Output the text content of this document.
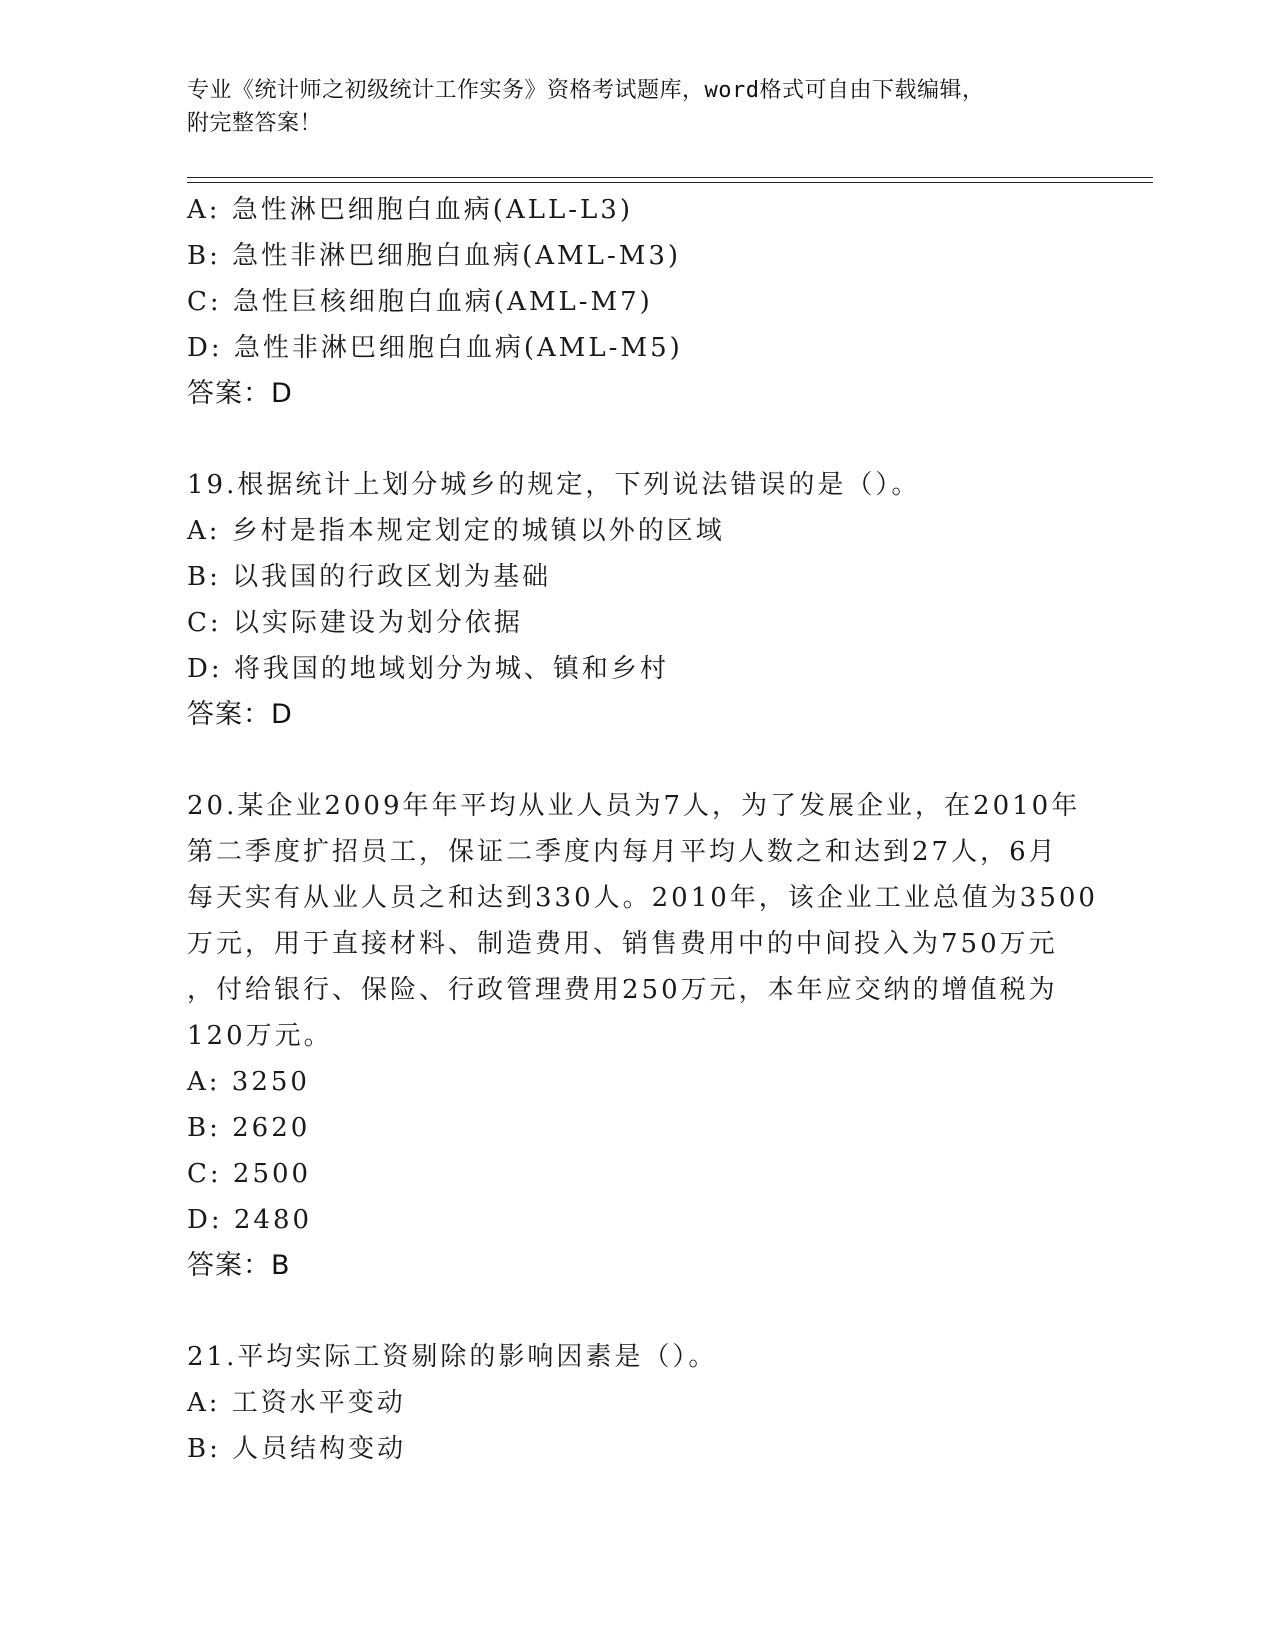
专业《统计师之初级统计工作实务》资格考试题库，word格式可自由下载编辑，
附完整答案！
A: 急性淋巴细胞白血病(ALL-L3)
B: 急性非淋巴细胞白血病(AML-M3)
C: 急性巨核细胞白血病(AML-M7)
D: 急性非淋巴细胞白血病(AML-M5)
答案：D
19.根据统计上划分城乡的规定，下列说法错误的是（）。
A: 乡村是指本规定划定的城镇以外的区域
B: 以我国的行政区划为基础
C: 以实际建设为划分依据
D: 将我国的地域划分为城、镇和乡村
答案：D
20.某企业2009年年平均从业人员为7人，为了发展企业，在2010年
第二季度扩招员工，保证二季度内每月平均人数之和达到27人，6月
每天实有从业人员之和达到330人。2010年，该企业工业总值为3500
万元，用于直接材料、制造费用、销售费用中的中间投入为750万元
，付给银行、保险、行政管理费用250万元，本年应交纳的增值税为
120万元。
A: 3250
B: 2620
C: 2500
D: 2480
答案：B
21.平均实际工资剔除的影响因素是（）。
A: 工资水平变动
B: 人员结构变动
